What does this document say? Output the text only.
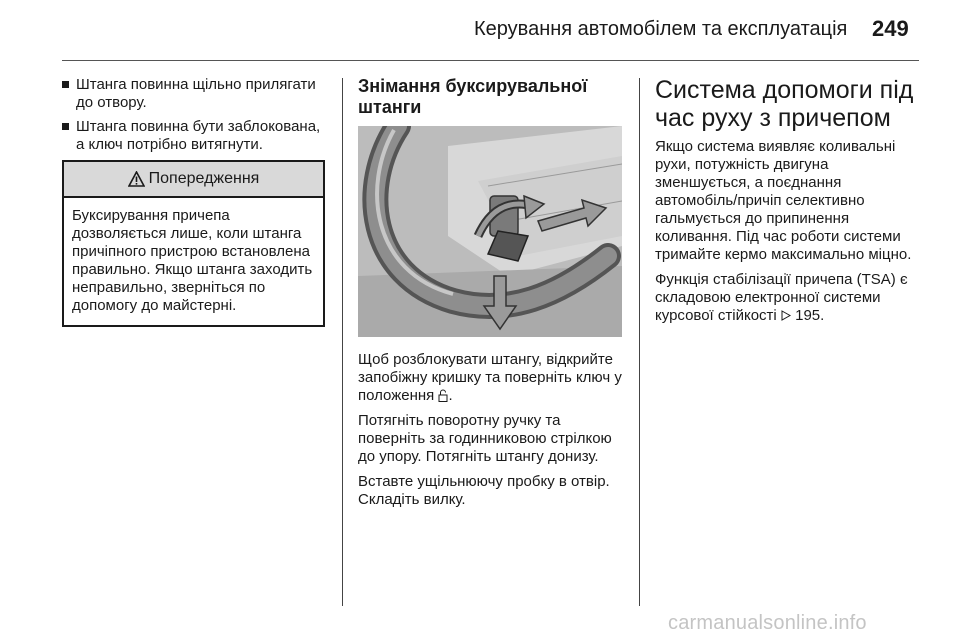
Керування автомобілем та експлуатація 249
Штанга повинна щільно прилягати до отвору.
Штанга повинна бути заблокована, а ключ потрібно витягнути.
Попередження
Буксирування причепа дозволяється лише, коли штанга причіпного пристрою встановлена правильно. Якщо штанга заходить неправильно, зверніться по допомогу до майстерні.
Знімання буксирувальної штанги

Щоб розблокувати штангу, відкрийте запобіжну кришку та поверніть ключ у положення .

Потягніть поворотну ручку та поверніть за годинниковою стрілкою до упору. Потягніть штангу донизу.

Вставте ущільнюючу пробку в отвір. Складіть вилку.

Система допомоги під час руху з причепом

Якщо система виявляє коливальні рухи, потужність двигуна зменшується, а поєднання автомобіль/причіп селективно гальмується до припинення коливання. Під час роботи системи тримайте кермо максимально міцно.

Функція стабілізації причепа (TSA) є складовою електронної системи курсової стійкості 195.

carmanualsonline.info
